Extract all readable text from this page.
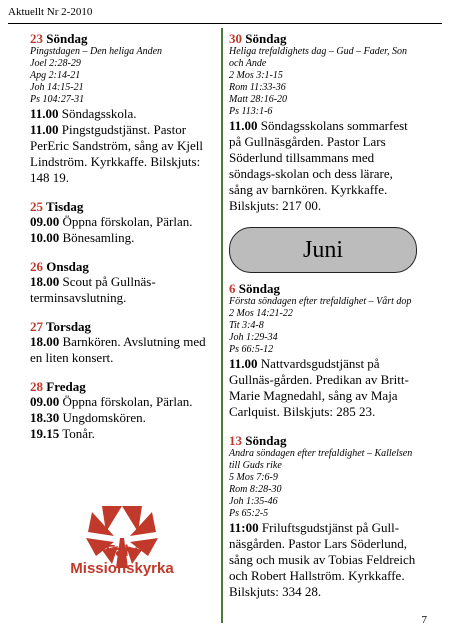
Aktuellt Nr 2-2010
23 Söndag
Pingstdagen – Den heliga Anden
Joel 2:28-29
Apg 2:14-21
Joh 14:15-21
Ps 104:27-31
11.00 Söndagsskola.
11.00 Pingstgudstjänst. Pastor PerEric Sandström, sång av Kjell Lindström. Kyrkkaffe. Bilskjuts: 148 19.
25 Tisdag
09.00 Öppna förskolan, Pärlan.
10.00 Bönesamling.
26 Onsdag
18.00 Scout på Gullnäs-terminsavslutning.
27 Torsdag
18.00 Barnkören. Avslutning med en liten konsert.
28 Fredag
09.00 Öppna förskolan, Pärlan.
18.30 Ungdomskören.
19.15 Tonår.
30 Söndag
Heliga trefaldighets dag – Gud – Fader, Son och Ande
2 Mos 3:1-15
Rom 11:33-36
Matt 28:16-20
Ps 113:1-6
11.00 Söndagsskolans sommarfest på Gullnäsgården. Pastor Lars Söderlund tillsammans med söndags-skolan och dess lärare, sång av barnkören. Kyrkkaffe. Bilskjuts: 217 00.
Juni
6 Söndag
Första söndagen efter trefaldighet – Vårt dop
2 Mos 14:21-22
Tit 3:4-8
Joh 1:29-34
Ps 66:5-12
11.00 Nattvardsgudstjänst på Gullnäs-gården. Predikan av Britt-Marie Magnedahl, sång av Maja Carlquist. Bilskjuts: 285 23.
13 Söndag
Andra söndagen efter trefaldighet – Kallelsen till Guds rike
5 Mos 7:6-9
Rom 8:28-30
Joh 1:35-46
Ps 65:2-5
11:00 Friluftsgudstjänst på Gull-näsgården. Pastor Lars Söderlund, sång och musik av Tobias Feldreich och Robert Hallström. Kyrkkaffe. Bilskjuts: 334 28.
Falu
Missionskyrka
7
